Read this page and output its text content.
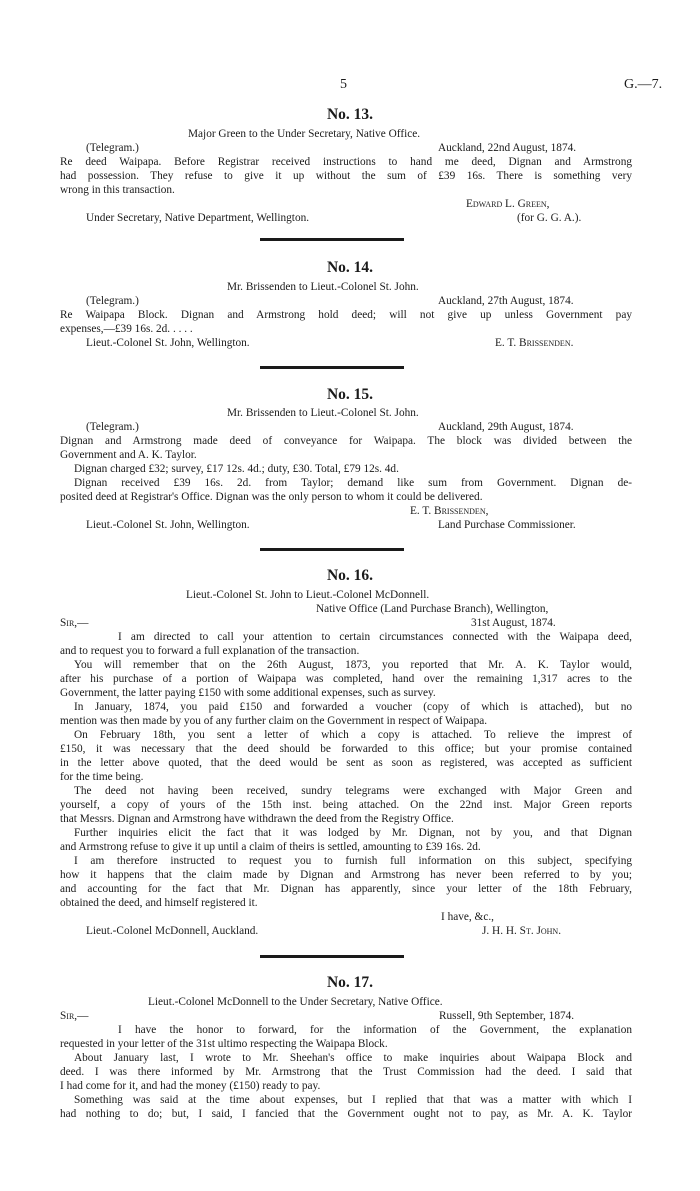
5	G.—7.
No. 13.
Major Green to the Under Secretary, Native Office.
(Telegram.)	Auckland, 22nd August, 1874.
Re deed Waipapa. Before Registrar received instructions to hand me deed, Dignan and Armstrong
had possession. They refuse to give it up without the sum of £39 16s. There is something very
wrong in this transaction.
Edward L. Green,
Under Secretary, Native Department, Wellington.	(for G. G. A.).
No. 14.
Mr. Brissenden to Lieut.-Colonel St. John.
(Telegram.)	Auckland, 27th August, 1874.
Re Waipapa Block. Dignan and Armstrong hold deed; will not give up unless Government pay
expenses,—£39 16s. 2d. . . . .
Lieut.-Colonel St. John, Wellington.	E. T. Brissenden.
No. 15.
Mr. Brissenden to Lieut.-Colonel St. John.
(Telegram.)	Auckland, 29th August, 1874.
Dignan and Armstrong made deed of conveyance for Waipapa. The block was divided between the
Government and A. K. Taylor.
Dignan charged £32; survey, £17 12s. 4d.; duty, £30. Total, £79 12s. 4d.
Dignan received £39 16s. 2d. from Taylor; demand like sum from Government. Dignan de-
posited deed at Registrar's Office. Dignan was the only person to whom it could be delivered.
E. T. Brissenden,
Lieut.-Colonel St. John, Wellington.	Land Purchase Commissioner.
No. 16.
Lieut.-Colonel St. John to Lieut.-Colonel McDonnell.
Native Office (Land Purchase Branch), Wellington,
Sir,—	31st August, 1874.
I am directed to call your attention to certain circumstances connected with the Waipapa deed,
and to request you to forward a full explanation of the transaction.
You will remember that on the 26th August, 1873, you reported that Mr. A. K. Taylor would,
after his purchase of a portion of Waipapa was completed, hand over the remaining 1,317 acres to the
Government, the latter paying £150 with some additional expenses, such as survey.
In January, 1874, you paid £150 and forwarded a voucher (copy of which is attached), but no
mention was then made by you of any further claim on the Government in respect of Waipapa.
On February 18th, you sent a letter of which a copy is attached. To relieve the imprest of
£150, it was necessary that the deed should be forwarded to this office; but your promise contained
in the letter above quoted, that the deed would be sent as soon as registered, was accepted as sufficient
for the time being.
The deed not having been received, sundry telegrams were exchanged with Major Green and
yourself, a copy of yours of the 15th inst. being attached. On the 22nd inst. Major Green reports
that Messrs. Dignan and Armstrong have withdrawn the deed from the Registry Office.
Further inquiries elicit the fact that it was lodged by Mr. Dignan, not by you, and that Dignan
and Armstrong refuse to give it up until a claim of theirs is settled, amounting to £39 16s. 2d.
I am therefore instructed to request you to furnish full information on this subject, specifying
how it happens that the claim made by Dignan and Armstrong has never been referred to by you;
and accounting for the fact that Mr. Dignan has apparently, since your letter of the 18th February,
obtained the deed, and himself registered it.
I have, &c.,
Lieut.-Colonel McDonnell, Auckland.	J. H. H. St. John.
No. 17.
Lieut.-Colonel McDonnell to the Under Secretary, Native Office.
Sir,—	Russell, 9th September, 1874.
I have the honor to forward, for the information of the Government, the explanation
requested in your letter of the 31st ultimo respecting the Waipapa Block.
About January last, I wrote to Mr. Sheehan's office to make inquiries about Waipapa Block and
deed. I was there informed by Mr. Armstrong that the Trust Commission had the deed. I said that
I had come for it, and had the money (£150) ready to pay.
Something was said at the time about expenses, but I replied that that was a matter with which I
had nothing to do; but, I said, I fancied that the Government ought not to pay, as Mr. A. K. Taylor
